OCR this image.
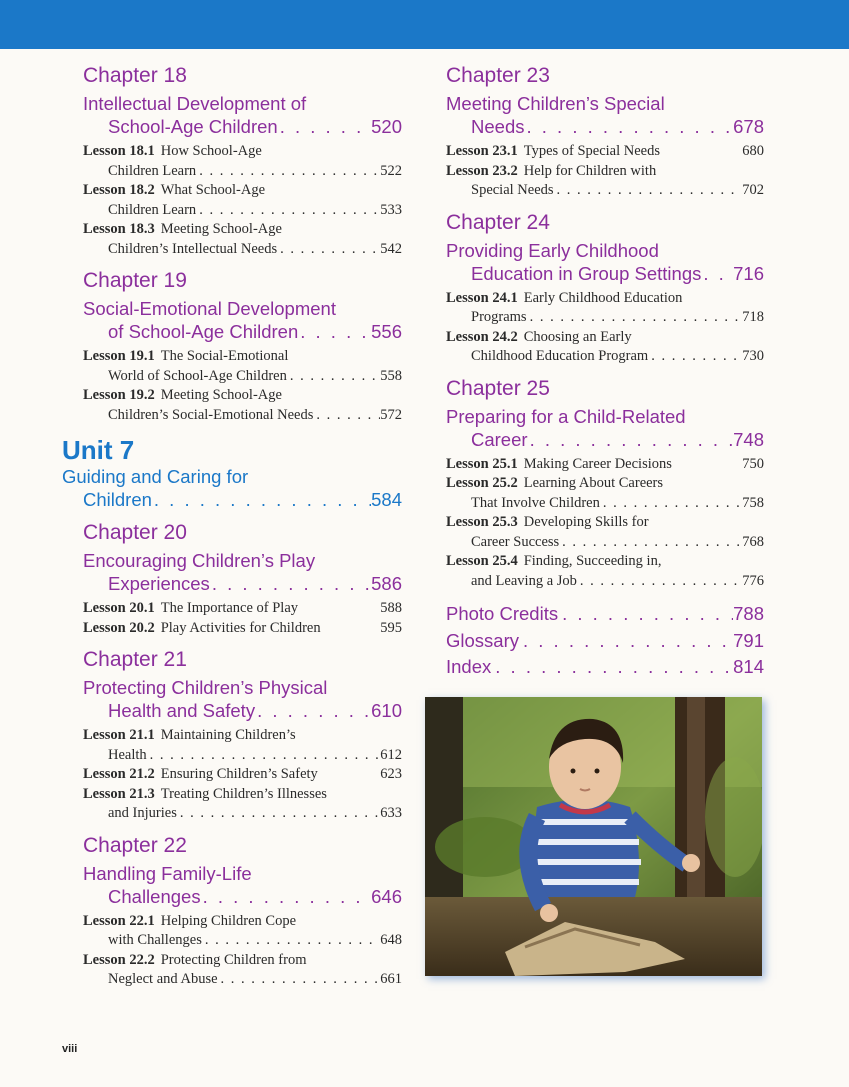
Chapter 18
Intellectual Development of
School-Age Children . . .	520
Lesson 18.1 How School-Age
Children Learn . . .	522
Lesson 18.2 What School-Age
Children Learn . . .	533
Lesson 18.3 Meeting School-Age
Children’s Intellectual Needs . . .	542
Chapter 19
Social-Emotional Development
of School-Age Children . . .	556
Lesson 19.1 The Social-Emotional
World of School-Age Children . . .	558
Lesson 19.2 Meeting School-Age
Children’s Social-Emotional Needs . . .	572
Unit 7
Guiding and Caring for
Children . . .	584
Chapter 20
Encouraging Children’s Play
Experiences . . .	586
Lesson 20.1 The Importance of Play	588
Lesson 20.2 Play Activities for Children	595
Chapter 21
Protecting Children’s Physical
Health and Safety . . .	610
Lesson 21.1 Maintaining Children’s
Health . . .	612
Lesson 21.2 Ensuring Children’s Safety	623
Lesson 21.3 Treating Children’s Illnesses
and Injuries . . .	633
Chapter 22
Handling Family-Life
Challenges . . .	646
Lesson 22.1 Helping Children Cope
with Challenges . . .	648
Lesson 22.2 Protecting Children from
Neglect and Abuse . . .	661
Chapter 23
Meeting Children’s Special
Needs . . .	678
Lesson 23.1 Types of Special Needs	680
Lesson 23.2 Help for Children with
Special Needs . . .	702
Chapter 24
Providing Early Childhood
Education in Group Settings . . . 716
Lesson 24.1 Early Childhood Education
Programs . . .	718
Lesson 24.2 Choosing an Early
Childhood Education Program . . .	730
Chapter 25
Preparing for a Child-Related
Career . . .	748
Lesson 25.1 Making Career Decisions	750
Lesson 25.2 Learning About Careers
That Involve Children . . .	758
Lesson 25.3 Developing Skills for
Career Success . . .	768
Lesson 25.4 Finding, Succeeding in,
and Leaving a Job . . .	776
Photo Credits . . .	788
Glossary . . .	791
Index . . .	814
viii
